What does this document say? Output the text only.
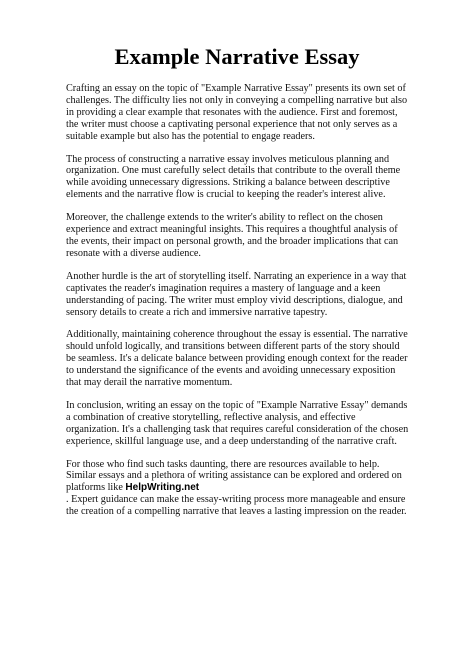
Example Narrative Essay

Crafting an essay on the topic of "Example Narrative Essay" presents its own set of challenges. The difficulty lies not only in conveying a compelling narrative but also in providing a clear example that resonates with the audience. First and foremost, the writer must choose a captivating personal experience that not only serves as a suitable example but also has the potential to engage readers.

The process of constructing a narrative essay involves meticulous planning and organization. One must carefully select details that contribute to the overall theme while avoiding unnecessary digressions. Striking a balance between descriptive elements and the narrative flow is crucial to keeping the reader's interest alive.

Moreover, the challenge extends to the writer's ability to reflect on the chosen experience and extract meaningful insights. This requires a thoughtful analysis of the events, their impact on personal growth, and the broader implications that can resonate with a diverse audience.

Another hurdle is the art of storytelling itself. Narrating an experience in a way that captivates the reader's imagination requires a mastery of language and a keen understanding of pacing. The writer must employ vivid descriptions, dialogue, and sensory details to create a rich and immersive narrative tapestry.

Additionally, maintaining coherence throughout the essay is essential. The narrative should unfold logically, and transitions between different parts of the story should be seamless. It's a delicate balance between providing enough context for the reader to understand the significance of the events and avoiding unnecessary exposition that may derail the narrative momentum.

In conclusion, writing an essay on the topic of "Example Narrative Essay" demands a combination of creative storytelling, reflective analysis, and effective organization. It's a challenging task that requires careful consideration of the chosen experience, skillful language use, and a deep understanding of the narrative craft.

For those who find such tasks daunting, there are resources available to help. Similar essays and a plethora of writing assistance can be explored and ordered on platforms like HelpWriting.net
. Expert guidance can make the essay-writing process more manageable and ensure the creation of a compelling narrative that leaves a lasting impression on the reader.
